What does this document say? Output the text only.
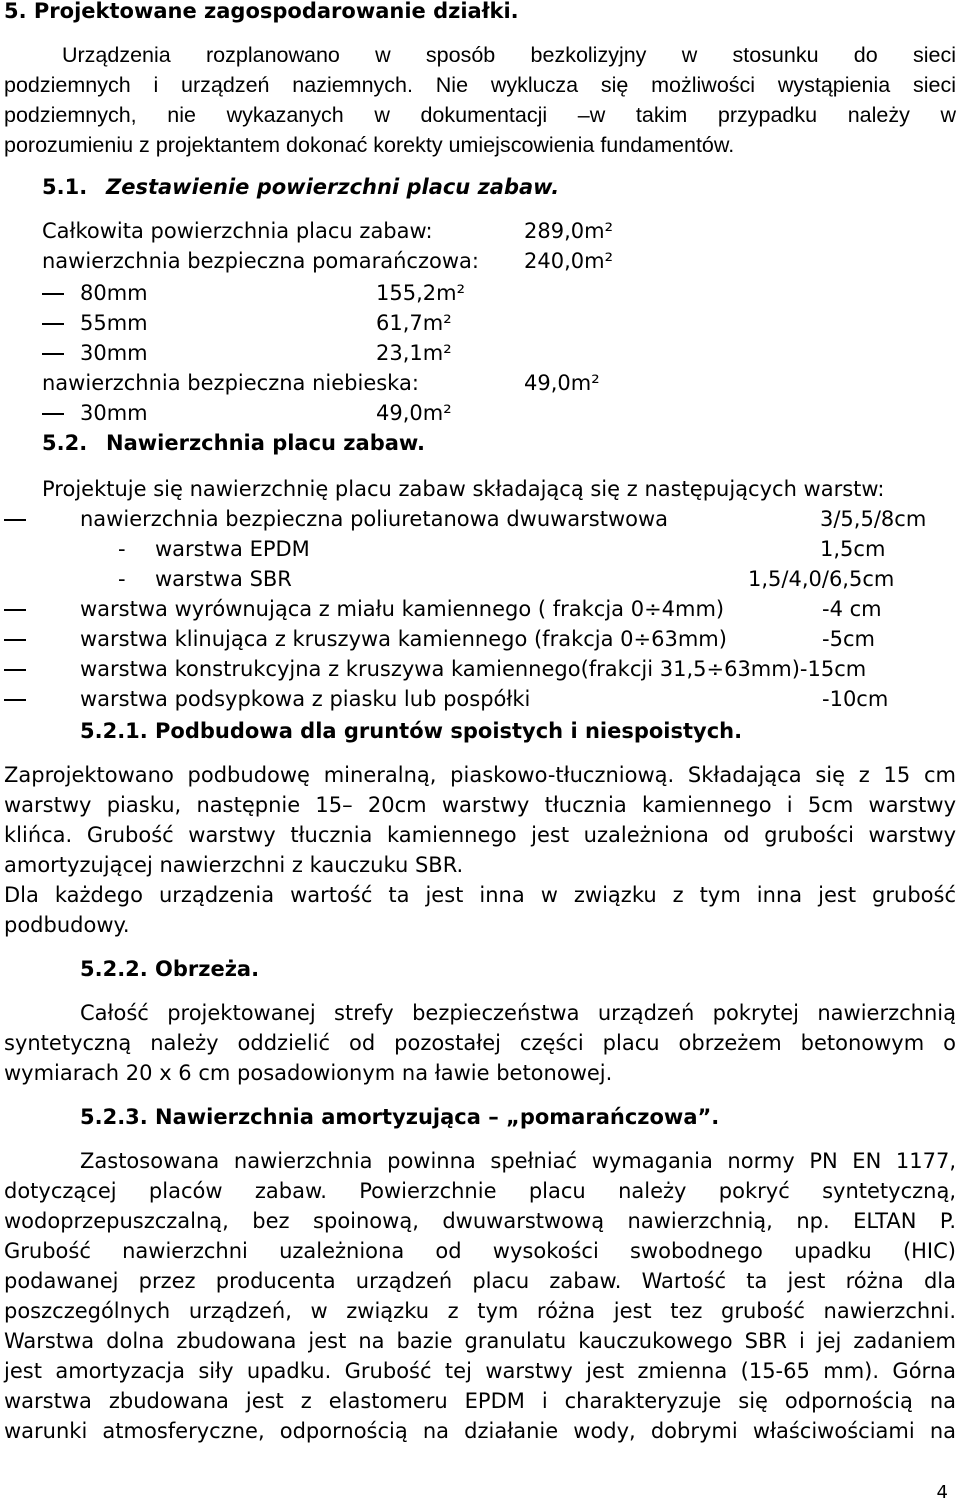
5. Projektowane zagospodarowanie działki.
Urządzenia rozplanowano w sposób bezkolizyjny w stosunku do sieci
podziemnych i urządzeń naziemnych. Nie wyklucza się możliwości wystąpienia sieci
podziemnych, nie wykazanych w dokumentacji –w takim przypadku należy w
porozumieniu z projektantem dokonać korekty umiejscowienia fundamentów.
5.1. Zestawienie powierzchni placu zabaw.
Całkowita powierzchnia placu zabaw:	289,0m²
nawierzchnia bezpieczna pomarańczowa: 240,0m²
80mm	155,2m²
55mm	61,7m²
30mm	23,1m²
nawierzchnia bezpieczna niebieska:	49,0m²
30mm	49,0m²
5.2. Nawierzchnia placu zabaw.
Projektuje się nawierzchnię placu zabaw składającą się z następujących warstw:
nawierzchnia bezpieczna poliuretanowa dwuwarstwowa	3/5,5/8cm
- warstwa EPDM	1,5cm
- warstwa SBR	1,5/4,0/6,5cm
warstwa wyrównująca z miału kamiennego ( frakcja 0÷4mm)	-4 cm
warstwa klinująca z kruszywa kamiennego (frakcja 0÷63mm)	-5cm
warstwa konstrukcyjna z kruszywa kamiennego(frakcji 31,5÷63mm)-15cm
warstwa podsypkowa z piasku lub pospółki	-10cm
5.2.1. Podbudowa dla gruntów spoistych i niespoistych.
Zaprojektowano podbudowę mineralną, piaskowo-tłuczniową. Składająca się z 15 cm
warstwy piasku, następnie 15– 20cm warstwy tłucznia kamiennego i 5cm warstwy
klińca. Grubość warstwy tłucznia kamiennego jest uzależniona od grubości warstwy
amortyzującej nawierzchni z kauczuku SBR.
Dla każdego urządzenia wartość ta jest inna w związku z tym inna jest grubość
podbudowy.
5.2.2. Obrzeża.
Całość projektowanej strefy bezpieczeństwa urządzeń pokrytej nawierzchnią
syntetyczną należy oddzielić od pozostałej części placu obrzeżem betonowym o
wymiarach 20 x 6 cm posadowionym na ławie betonowej.
5.2.3. Nawierzchnia amortyzująca – „pomarańczowa”.
Zastosowana nawierzchnia powinna spełniać wymagania normy PN EN 1177,
dotyczącej placów zabaw. Powierzchnie placu należy pokryć syntetyczną,
wodoprzepuszczalną, bez spoinową, dwuwarstwową nawierzchnią, np. ELTAN P.
Grubość nawierzchni uzależniona od wysokości swobodnego upadku (HIC)
podawanej przez producenta urządzeń placu zabaw. Wartość ta jest różna dla
poszczególnych urządzeń, w związku z tym różna jest tez grubość nawierzchni.
Warstwa dolna zbudowana jest na bazie granulatu kauczukowego SBR i jej zadaniem
jest amortyzacja siły upadku. Grubość tej warstwy jest zmienna (15-65 mm). Górna
warstwa zbudowana jest z elastomeru EPDM i charakteryzuje się odpornością na
warunki atmosferyczne, odpornością na działanie wody, dobrymi właściwościami na
4
